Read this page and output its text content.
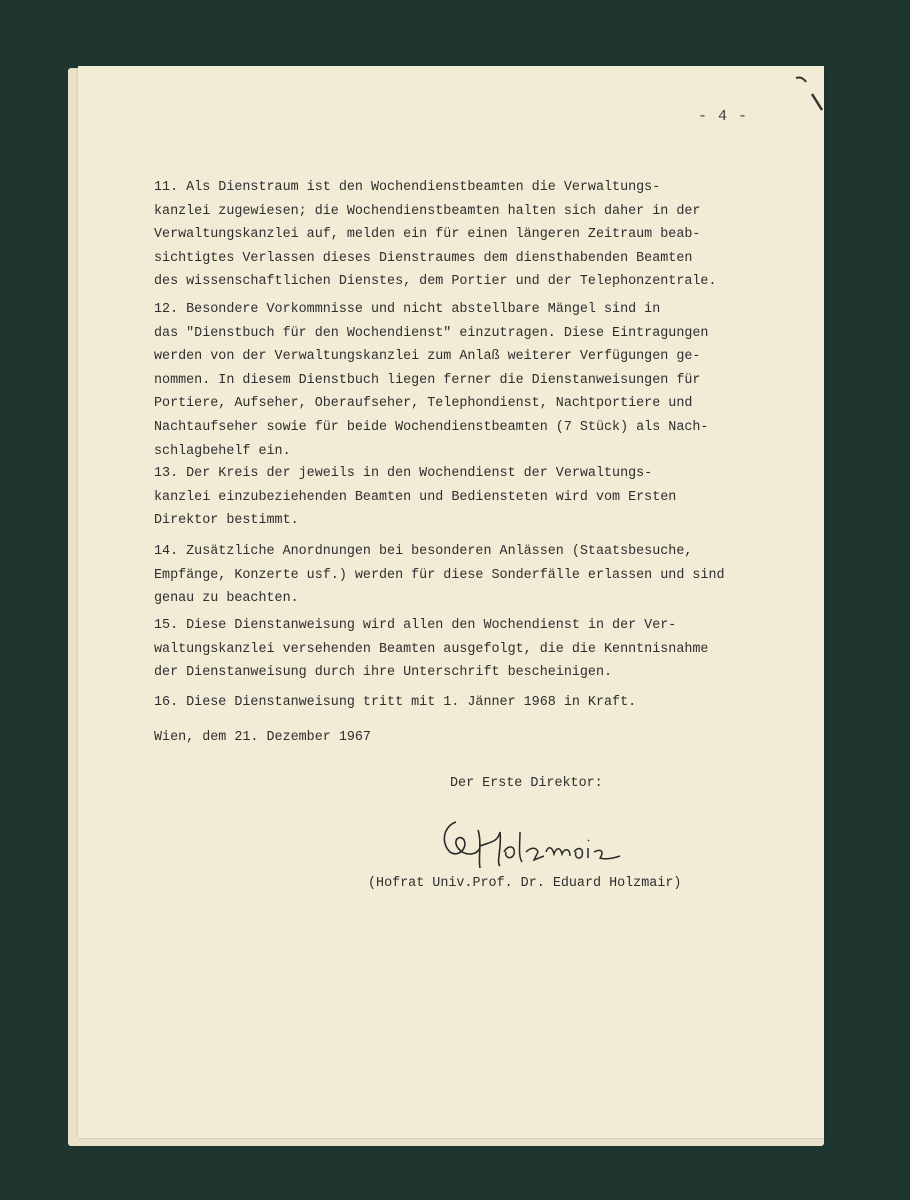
- 4 -

11. Als Dienstraum ist den Wochendienstbeamten die Verwaltungs-
kanzlei zugewiesen; die Wochendienstbeamten halten sich daher in der
Verwaltungskanzlei auf, melden ein für einen längeren Zeitraum beab-
sichtigtes Verlassen dieses Dienstraumes dem diensthabenden Beamten
des wissenschaftlichen Dienstes, dem Portier und der Telephonzentrale.

12. Besondere Vorkommnisse und nicht abstellbare Mängel sind in
das "Dienstbuch für den Wochendienst" einzutragen. Diese Eintragungen
werden von der Verwaltungskanzlei zum Anlaß weiterer Verfügungen ge-
nommen. In diesem Dienstbuch liegen ferner die Dienstanweisungen für
Portiere, Aufseher, Oberaufseher, Telephondienst, Nachtportiere und
Nachtaufseher sowie für beide Wochendienstbeamten (7 Stück) als Nach-
schlagbehelf ein.

13. Der Kreis der jeweils in den Wochendienst der Verwaltungs-
kanzlei einzubeziehenden Beamten und Bediensteten wird vom Ersten
Direktor bestimmt.

14. Zusätzliche Anordnungen bei besonderen Anlässen (Staatsbesuche,
Empfänge, Konzerte usf.) werden für diese Sonderfälle erlassen und sind
genau zu beachten.

15. Diese Dienstanweisung wird allen den Wochendienst in der Ver-
waltungskanzlei versehenden Beamten ausgefolgt, die die Kenntnisnahme
der Dienstanweisung durch ihre Unterschrift bescheinigen.

16. Diese Dienstanweisung tritt mit 1. Jänner 1968 in Kraft.

Wien, dem 21. Dezember 1967
Der Erste Direktor:
(Hofrat Univ.Prof. Dr. Eduard Holzmair)
